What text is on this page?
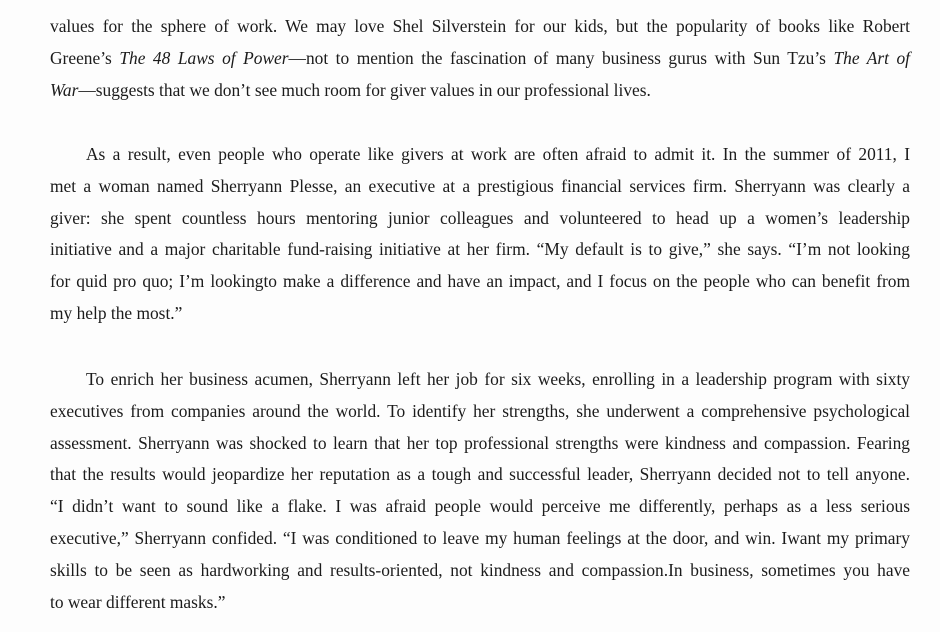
values for the sphere of work. We may love Shel Silverstein for our kids, but the popularity of books like Robert
Greene’s The 48 Laws of Power—not to mention the fascination of many business gurus with Sun Tzu’s The Art of
War—suggests that we don’t see much room for giver values in our professional lives.
As a result, even people who operate like givers at work are often afraid to admit it. In the summer of 2011, I
met a woman named Sherryann Plesse, an executive at a prestigious financial services firm. Sherryann was clearly a
giver: she spent countless hours mentoring junior colleagues and volunteered to head up a women’s leadership
initiative and a major charitable fund-raising initiative at her firm. “My default is to give,” she says. “I’m not looking
for quid pro quo; I’m lookingto make a difference and have an impact, and I focus on the people who can benefit from
my help the most.”
To enrich her business acumen, Sherryann left her job for six weeks, enrolling in a leadership program with sixty
executives from companies around the world. To identify her strengths, she underwent a comprehensive psychological
assessment. Sherryann was shocked to learn that her top professional strengths were kindness and compassion. Fearing
that the results would jeopardize her reputation as a tough and successful leader, Sherryann decided not to tell anyone.
“I didn’t want to sound like a flake. I was afraid people would perceive me differently, perhaps as a less serious
executive,” Sherryann confided. “I was conditioned to leave my human feelings at the door, and win. Iwant my primary
skills to be seen as hardworking and results-oriented, not kindness and compassion.In business, sometimes you have
to wear different masks.”
